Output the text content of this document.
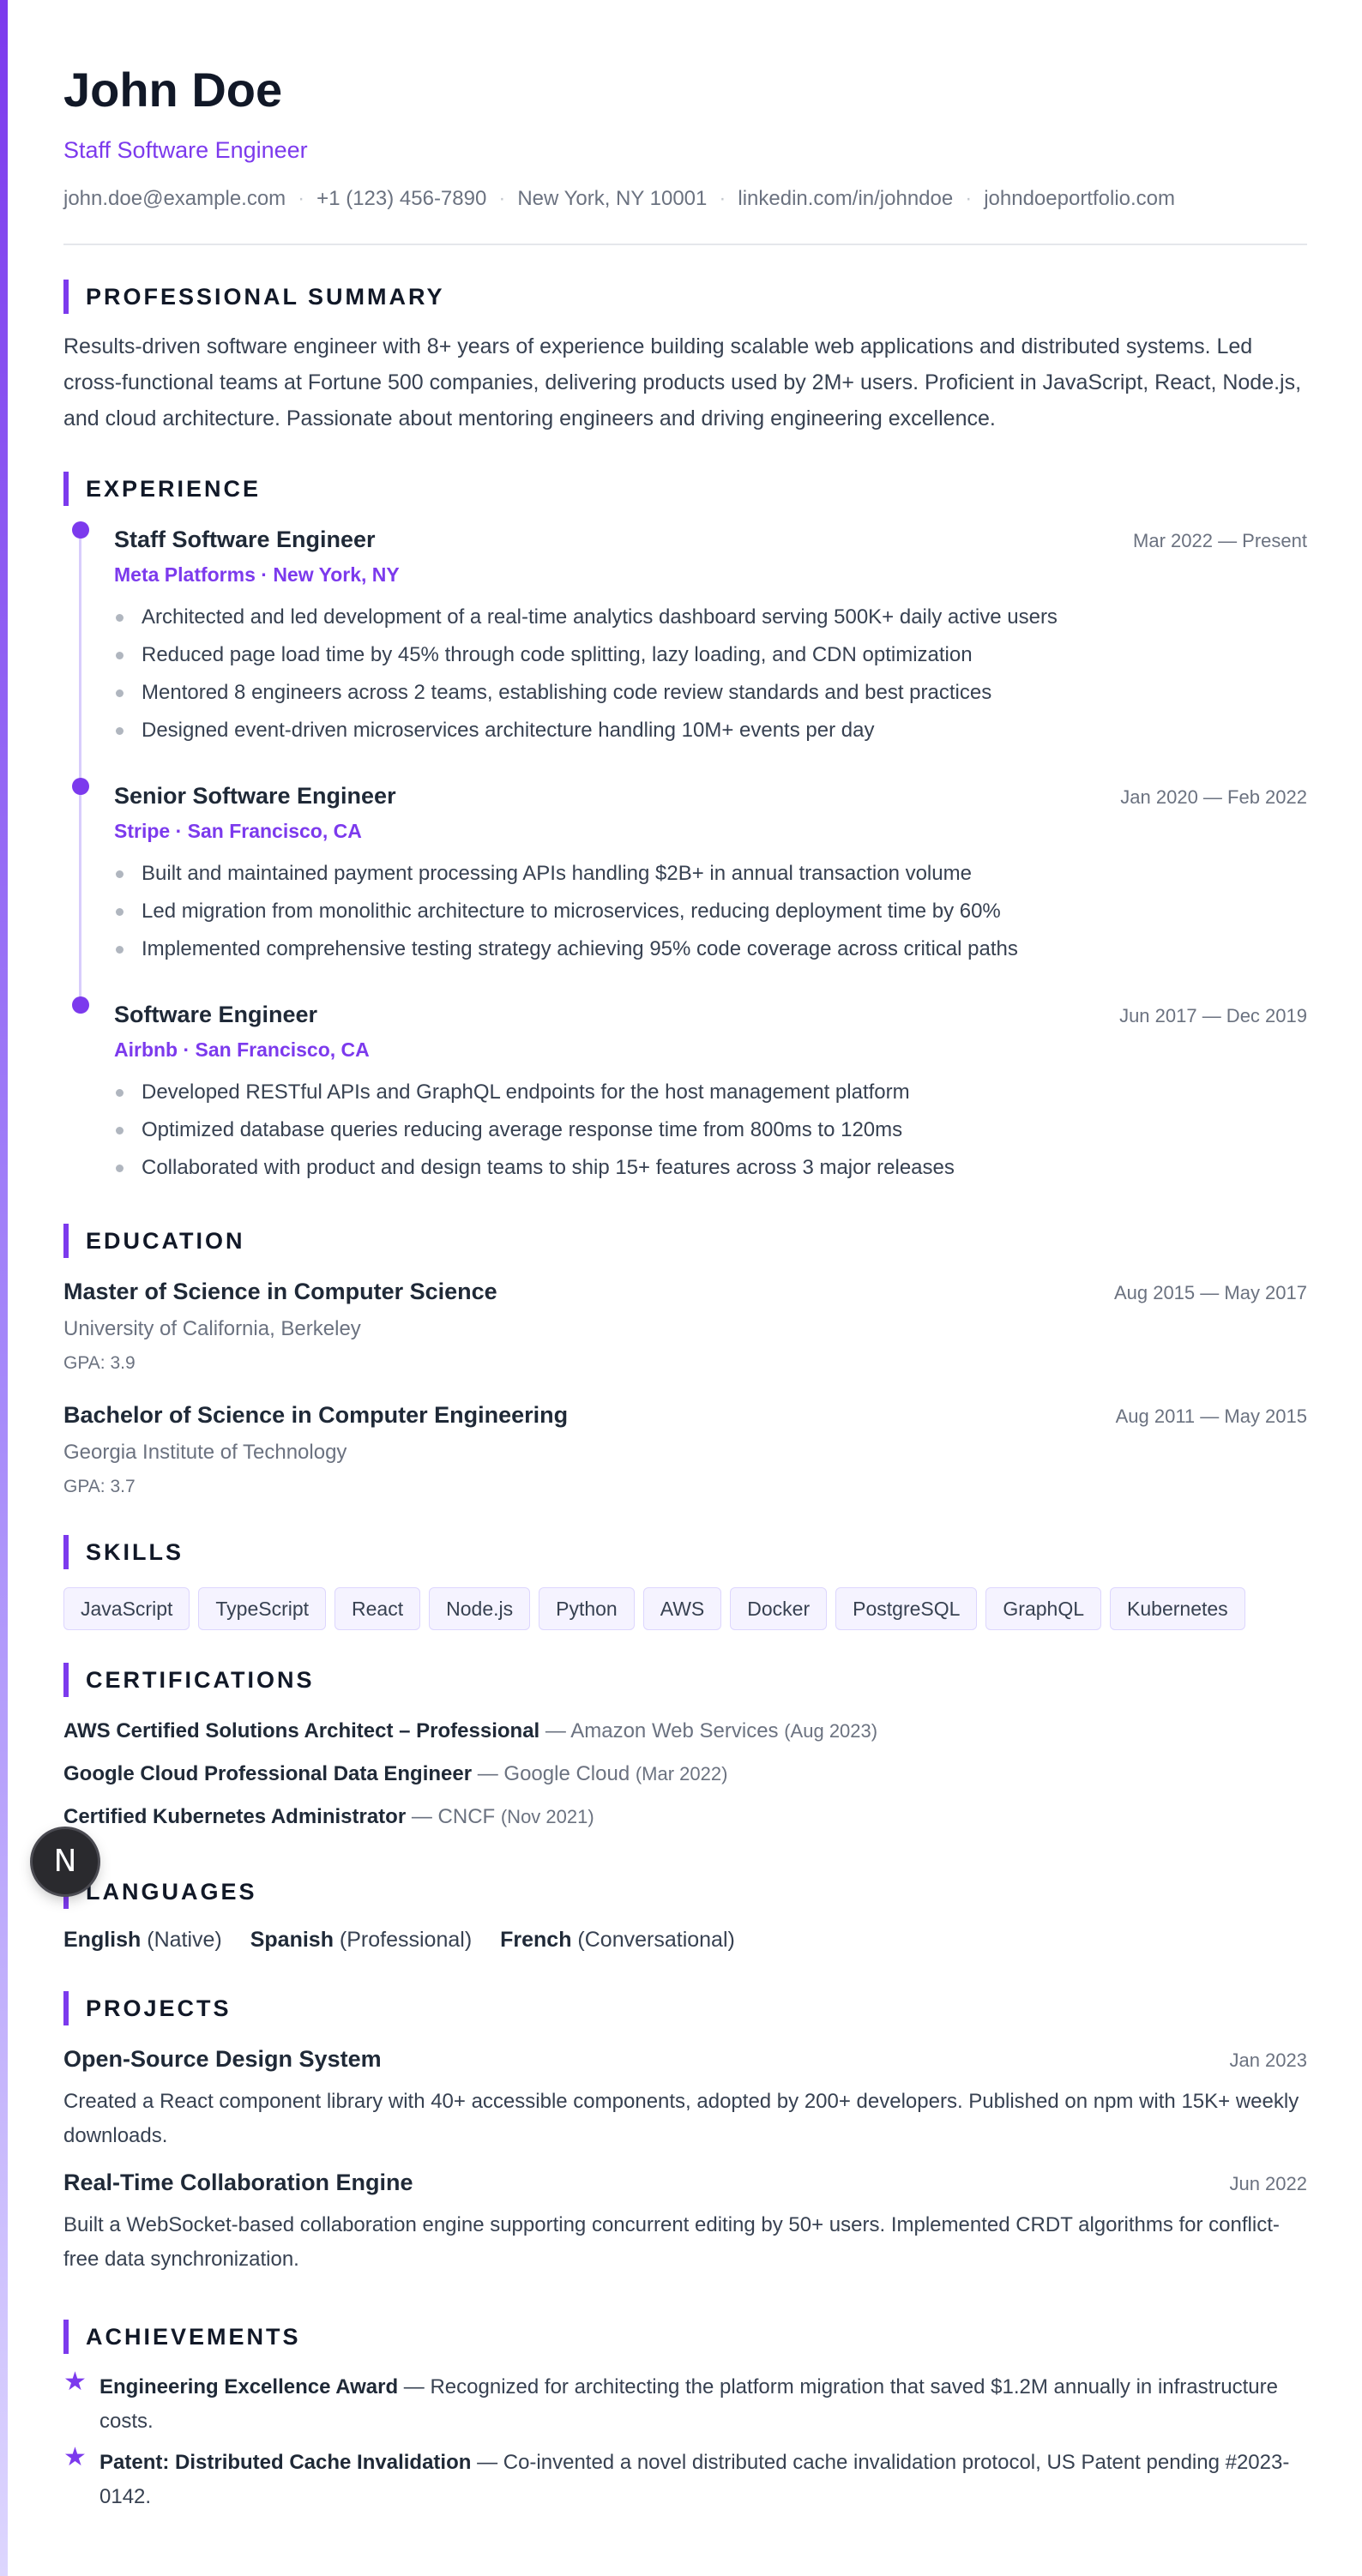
John Doe
Staff Software Engineer
john.doe@example.com · +1 (123) 456-7890 · New York, NY 10001 · linkedin.com/in/johndoe · johndoeportfolio.com
PROFESSIONAL SUMMARY
Results-driven software engineer with 8+ years of experience building scalable web applications and distributed systems. Led cross-functional teams at Fortune 500 companies, delivering products used by 2M+ users. Proficient in JavaScript, React, Node.js, and cloud architecture. Passionate about mentoring engineers and driving engineering excellence.
EXPERIENCE
Staff Software Engineer	Mar 2022 — Present
Meta Platforms · New York, NY
Architected and led development of a real-time analytics dashboard serving 500K+ daily active users
Reduced page load time by 45% through code splitting, lazy loading, and CDN optimization
Mentored 8 engineers across 2 teams, establishing code review standards and best practices
Designed event-driven microservices architecture handling 10M+ events per day
Senior Software Engineer	Jan 2020 — Feb 2022
Stripe · San Francisco, CA
Built and maintained payment processing APIs handling $2B+ in annual transaction volume
Led migration from monolithic architecture to microservices, reducing deployment time by 60%
Implemented comprehensive testing strategy achieving 95% code coverage across critical paths
Software Engineer	Jun 2017 — Dec 2019
Airbnb · San Francisco, CA
Developed RESTful APIs and GraphQL endpoints for the host management platform
Optimized database queries reducing average response time from 800ms to 120ms
Collaborated with product and design teams to ship 15+ features across 3 major releases
EDUCATION
Master of Science in Computer Science	Aug 2015 — May 2017
University of California, Berkeley
GPA: 3.9
Bachelor of Science in Computer Engineering	Aug 2011 — May 2015
Georgia Institute of Technology
GPA: 3.7
SKILLS
JavaScript	TypeScript	React	Node.js	Python	AWS	Docker	PostgreSQL	GraphQL	Kubernetes
CERTIFICATIONS
AWS Certified Solutions Architect – Professional — Amazon Web Services (Aug 2023)
Google Cloud Professional Data Engineer — Google Cloud (Mar 2022)
Certified Kubernetes Administrator — CNCF (Nov 2021)
LANGUAGES
English (Native) Spanish (Professional) French (Conversational)
PROJECTS
Open-Source Design System	Jan 2023
Created a React component library with 40+ accessible components, adopted by 200+ developers. Published on npm with 15K+ weekly downloads.
Real-Time Collaboration Engine	Jun 2022
Built a WebSocket-based collaboration engine supporting concurrent editing by 50+ users. Implemented CRDT algorithms for conflict-free data synchronization.
ACHIEVEMENTS
★ Engineering Excellence Award — Recognized for architecting the platform migration that saved $1.2M annually in infrastructure costs.
★ Patent: Distributed Cache Invalidation — Co-invented a novel distributed cache invalidation protocol, US Patent pending #2023-0142.
N
